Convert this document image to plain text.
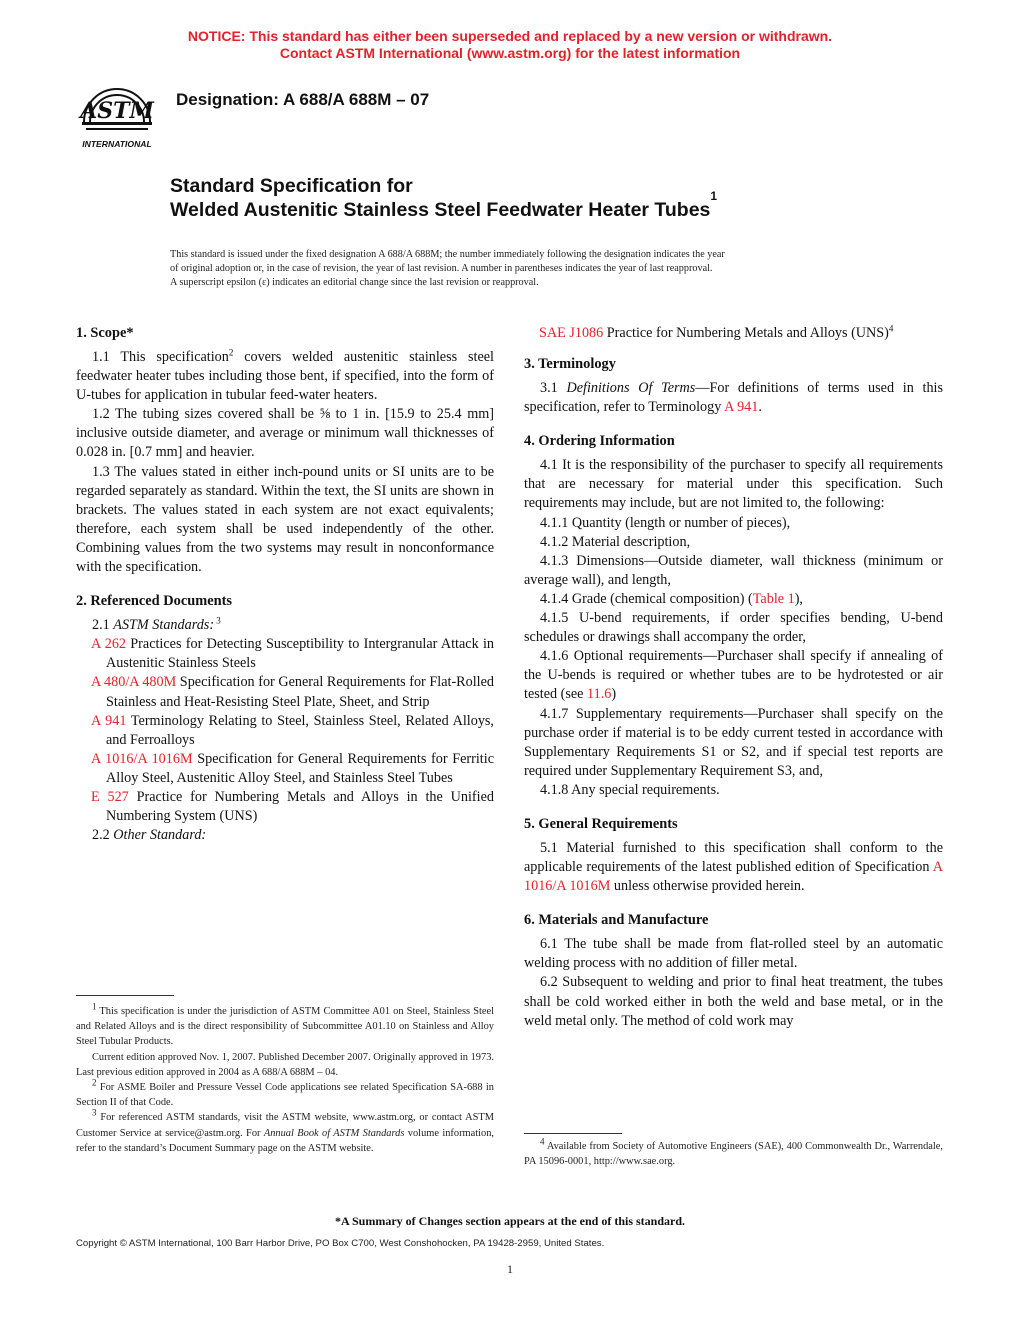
NOTICE: This standard has either been superseded and replaced by a new version or withdrawn.
Contact ASTM International (www.astm.org) for the latest information
ASTM
INTERNATIONAL
Designation: A 688/A 688M – 07
Standard Specification for
Welded Austenitic Stainless Steel Feedwater Heater Tubes$^1$
This standard is issued under the fixed designation A 688/A 688M; the number immediately following the designation indicates the year
of original adoption or, in the case of revision, the year of last revision. A number in parentheses indicates the year of last reapproval.
A superscript epsilon (ε) indicates an editorial change since the last revision or reapproval.
1. Scope*

1.1 This specification$^2$ covers welded austenitic stainless steel feedwater heater tubes including those bent, if specified, into the form of U-tubes for application in tubular feed-water heaters.

1.2 The tubing sizes covered shall be ⅝ to 1 in. [15.9 to 25.4 mm] inclusive outside diameter, and average or minimum wall thicknesses of 0.028 in. [0.7 mm] and heavier.

1.3 The values stated in either inch-pound units or SI units are to be regarded separately as standard. Within the text, the SI units are shown in brackets. The values stated in each system are not exact equivalents; therefore, each system shall be used independently of the other. Combining values from the two systems may result in nonconformance with the specification.

2. Referenced Documents

2.1 ASTM Standards: $^3$

A 262 Practices for Detecting Susceptibility to Intergranular Attack in Austenitic Stainless Steels

A 480/A 480M Specification for General Requirements for Flat-Rolled Stainless and Heat-Resisting Steel Plate, Sheet, and Strip

A 941 Terminology Relating to Steel, Stainless Steel, Related Alloys, and Ferroalloys

A 1016/A 1016M Specification for General Requirements for Ferritic Alloy Steel, Austenitic Alloy Steel, and Stainless Steel Tubes

E 527 Practice for Numbering Metals and Alloys in the Unified Numbering System (UNS)

2.2 Other Standard:

$^1$ This specification is under the jurisdiction of ASTM Committee A01 on Steel, Stainless Steel and Related Alloys and is the direct responsibility of Subcommittee A01.10 on Stainless and Alloy Steel Tubular Products.

Current edition approved Nov. 1, 2007. Published December 2007. Originally approved in 1973. Last previous edition approved in 2004 as A 688/A 688M – 04.

$^2$ For ASME Boiler and Pressure Vessel Code applications see related Specification SA-688 in Section II of that Code.

$^3$ For referenced ASTM standards, visit the ASTM website, www.astm.org, or contact ASTM Customer Service at service@astm.org. For Annual Book of ASTM Standards volume information, refer to the standard’s Document Summary page on the ASTM website.

SAE J1086 Practice for Numbering Metals and Alloys (UNS)$^4$

3. Terminology

3.1 Definitions Of Terms—For definitions of terms used in this specification, refer to Terminology A 941.

4. Ordering Information

4.1 It is the responsibility of the purchaser to specify all requirements that are necessary for material under this specification. Such requirements may include, but are not limited to, the following:

4.1.1 Quantity (length or number of pieces),

4.1.2 Material description,

4.1.3 Dimensions—Outside diameter, wall thickness (minimum or average wall), and length,

4.1.4 Grade (chemical composition) (Table 1),

4.1.5 U-bend requirements, if order specifies bending, U-bend schedules or drawings shall accompany the order,

4.1.6 Optional requirements—Purchaser shall specify if annealing of the U-bends is required or whether tubes are to be hydrotested or air tested (see 11.6)

4.1.7 Supplementary requirements—Purchaser shall specify on the purchase order if material is to be eddy current tested in accordance with Supplementary Requirements S1 or S2, and if special test reports are required under Supplementary Requirement S3, and,

4.1.8 Any special requirements.

5. General Requirements

5.1 Material furnished to this specification shall conform to the applicable requirements of the latest published edition of Specification A 1016/A 1016M unless otherwise provided herein.

6. Materials and Manufacture

6.1 The tube shall be made from flat-rolled steel by an automatic welding process with no addition of filler metal.

6.2 Subsequent to welding and prior to final heat treatment, the tubes shall be cold worked either in both the weld and base metal, or in the weld metal only. The method of cold work may

$^4$ Available from Society of Automotive Engineers (SAE), 400 Commonwealth Dr., Warrendale, PA 15096-0001, http://www.sae.org.

*A Summary of Changes section appears at the end of this standard.
Copyright © ASTM International, 100 Barr Harbor Drive, PO Box C700, West Conshohocken, PA 19428-2959, United States.
1
